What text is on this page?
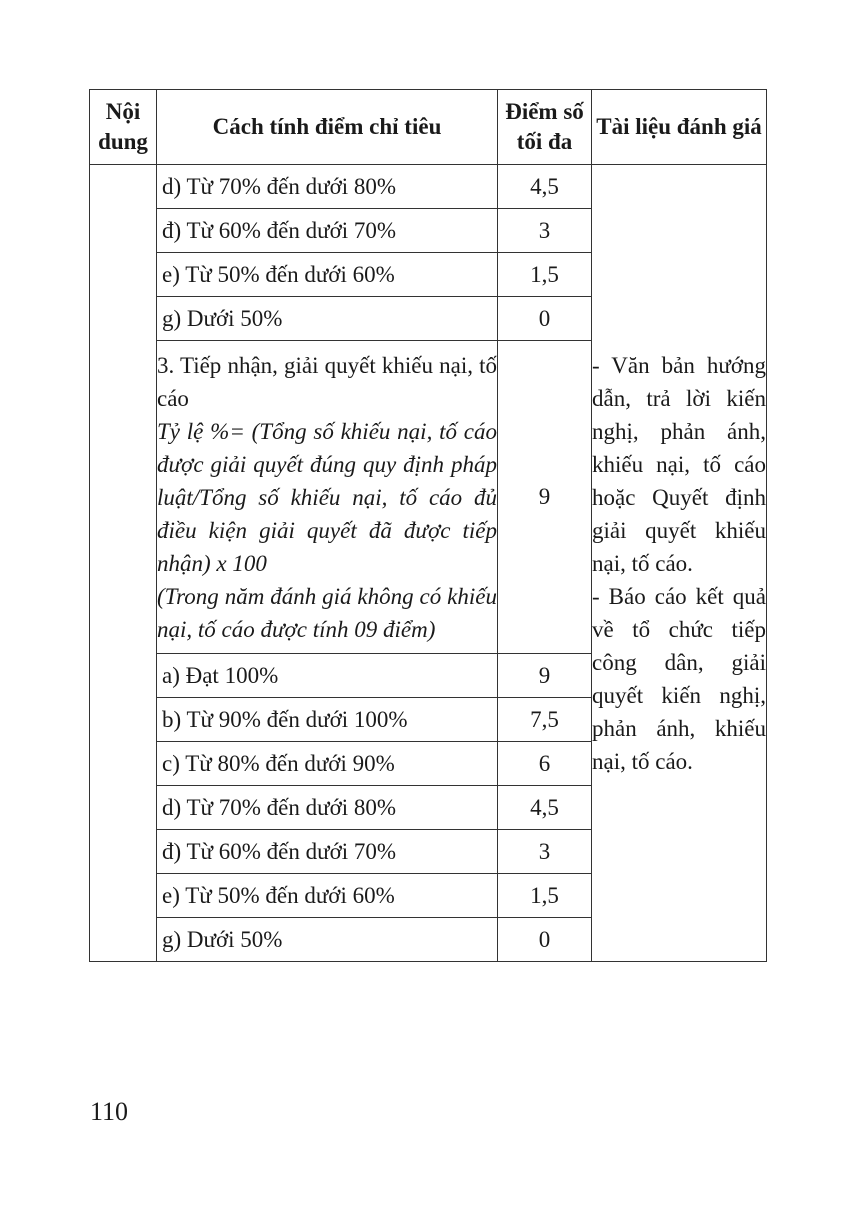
Nội dung	Cách tính điểm chỉ tiêu	Điểm số tối đa	Tài liệu đánh giá
	d) Từ 70% đến dưới 80%	4,5	- Văn bản hướng dẫn, trả lời kiến nghị, phản ánh, khiếu nại, tố cáo hoặc Quyết định giải quyết khiếu nại, tố cáo.
- Báo cáo kết quả về tổ chức tiếp công dân, giải quyết kiến nghị, phản ánh, khiếu nại, tố cáo.

	đ) Từ 60% đến dưới 70%	3	
	e) Từ 50% đến dưới 60%	1,5	
	g) Dưới 50%	0	
	3. Tiếp nhận, giải quyết khiếu nại, tố cáo
Tỷ lệ %= (Tổng số khiếu nại, tố cáo được giải quyết đúng quy định pháp luật/Tổng số khiếu nại, tố cáo đủ điều kiện giải quyết đã được tiếp nhận) x 100
(Trong năm đánh giá không có khiếu nại, tố cáo được tính 09 điểm)	9	
	a) Đạt 100%	9	
	b) Từ 90% đến dưới 100%	7,5	
	c) Từ 80% đến dưới 90%	6	
	d) Từ 70% đến dưới 80%	4,5	
	đ) Từ 60% đến dưới 70%	3	
	e) Từ 50% đến dưới 60%	1,5	
	g) Dưới 50%	0	
110
